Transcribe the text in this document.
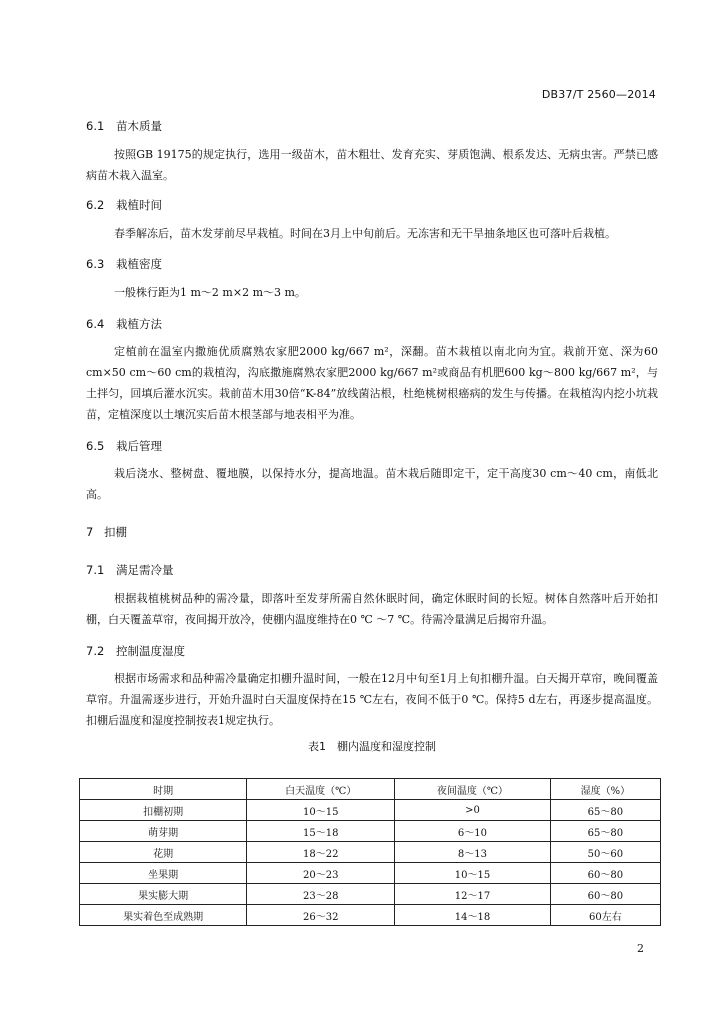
DB37/T 2560—2014
6.1 苗木质量

按照GB 19175的规定执行，选用一级苗木，苗木粗壮、发育充实、芽质饱满、根系发达、无病虫害。严禁已感病苗木栽入温室。

6.2 栽植时间

春季解冻后，苗木发芽前尽早栽植。时间在3月上中旬前后。无冻害和无干旱抽条地区也可落叶后栽植。

6.3 栽植密度

一般株行距为1 m～2 m×2 m～3 m。

6.4 栽植方法

定植前在温室内撒施优质腐熟农家肥2000 kg/667 m²，深翻。苗木栽植以南北向为宜。栽前开宽、深为60 cm×50 cm～60 cm的栽植沟，沟底撒施腐熟农家肥2000 kg/667 m²或商品有机肥600 kg～800 kg/667 m²，与土拌匀，回填后灌水沉实。栽前苗木用30倍“K-84”放线菌沾根，杜绝桃树根癌病的发生与传播。在栽植沟内挖小坑栽苗，定植深度以土壤沉实后苗木根茎部与地表相平为准。

6.5 栽后管理

栽后浇水、整树盘、覆地膜，以保持水分，提高地温。苗木栽后随即定干，定干高度30 cm～40 cm，南低北高。

7 扣棚
7.1 满足需冷量

根据栽植桃树品种的需冷量，即落叶至发芽所需自然休眠时间，确定休眠时间的长短。树体自然落叶后开始扣棚，白天覆盖草帘，夜间揭开放冷，使棚内温度维持在0 ℃ ～7 ℃。待需冷量满足后揭帘升温。

7.2 控制温度湿度

根据市场需求和品种需冷量确定扣棚升温时间，一般在12月中旬至1月上旬扣棚升温。白天揭开草帘，晚间覆盖草帘。升温需逐步进行，开始升温时白天温度保持在15 ℃左右，夜间不低于0 ℃。保持5 d左右，再逐步提高温度。扣棚后温度和湿度控制按表1规定执行。

表1　棚内温度和湿度控制
时期	白天温度（℃）	夜间温度（℃）	湿度（%）
扣棚初期	10～15	>0	65～80
萌芽期	15～18	6～10	65～80
花期	18～22	8～13	50～60
坐果期	20～23	10～15	60～80
果实膨大期	23～28	12～17	60～80
果实着色至成熟期	26～32	14～18	60左右
2
